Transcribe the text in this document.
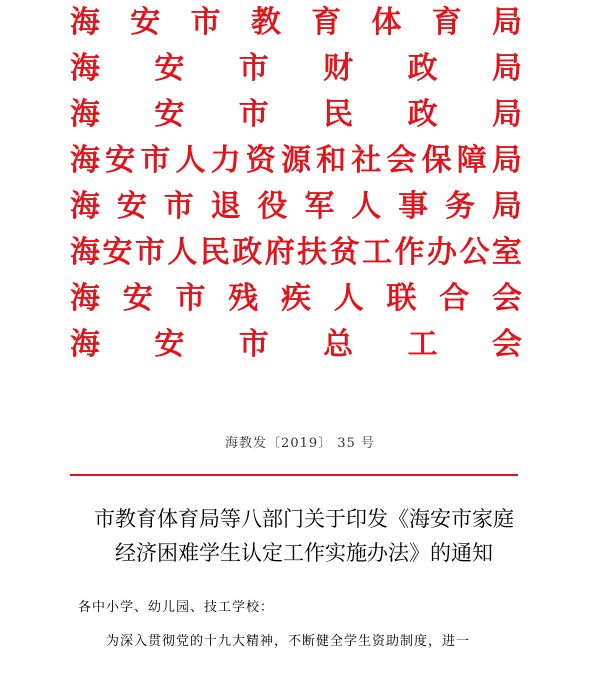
海 安 市 教 育 体 育 局
海 安 市 财 政 局
海 安 市 民 政 局
海 安 市 人 力 资 源 和 社 会 保 障 局
海 安 市 退 役 军 人 事 务 局
海 安 市 人 民 政 府 扶 贫 工 作 办 公 室
海 安 市 残 疾 人 联 合 会
海 安 市 总 工 会
海教发〔2019〕 35 号
市教育体育局等八部门关于印发《海安市家庭
经济困难学生认定工作实施办法》的通知
各中小学、幼儿园、技工学校：
为深入贯彻党的十九大精神，不断健全学生资助制度，进一
